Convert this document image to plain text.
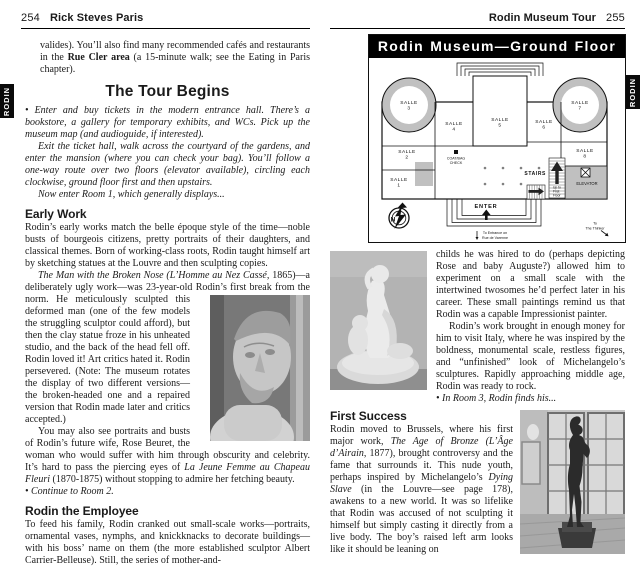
254 Rick Steves Paris

valides). You’ll also find many recommended cafés and restaurants in the Rue Cler area (a 15-minute walk; see the Eating in Paris chapter).

The Tour Begins

• Enter and buy tickets in the modern entrance hall. There’s a bookstore, a gallery for temporary exhibits, and WCs. Pick up the museum map (and audioguide, if interested).

Exit the ticket hall, walk across the courtyard of the gardens, and enter the mansion (where you can check your bag). You’ll follow a one-way route over two floors (elevator available), circling each clockwise, ground floor first and then upstairs.

Now enter Room 1, which generally displays...

Early Work

Rodin’s early works match the belle époque style of the time—noble busts of bourgeois citizens, pretty portraits of their daughters, and classical themes. Born of working-class roots, Rodin taught himself art by sketching statues at the Louvre and then sculpting copies.

The Man with the Broken Nose (L’Homme au Nez Cassé, 1865)—a deliberately ugly work—was 23-year-old Rodin’s first break from
the norm. He meticulously sculpted this deformed man (one of the few models the struggling sculptor could afford), but then the clay statue froze in his unheated studio, and the back of the head fell off. Rodin loved it! Art critics hated it. Rodin persevered. (Note: The museum rotates the display of two different versions—the broken-headed one and a repaired version that Rodin made later and critics accepted.)

You may also see portraits and busts of Rodin’s future wife, Rose Beuret, the woman who would suffer with him through obscurity and celebrity. It’s hard to pass the piercing eyes of La Jeune Femme au Chapeau Fleuri (1870-1875) without stopping to admire her fetching beauty.

• Continue to Room 2.

Rodin the Employee

To feed his family, Rodin cranked out small-scale works—portraits, ornamental vases, nymphs, and knickknacks to decorate buildings—with his boss’ name on them (the more established sculptor Albert Carrier-Belleuse). Still, the series of mother-and-

Rodin Museum Tour 255
Rodin Museum—Ground Floor
COAT/BAG
CHECK
SALLE
3
SALLE
4
SALLE
5
SALLE
6
SALLE
7
SALLE
2
SALLE
1
SALLE
8
STAIRS
Up to
First
Floor
ELEVATOR
ENTER
N
To Entrance on
Rue de Varenne
To
The Thinker

childs he was hired to do (perhaps depicting Rose and baby Auguste?) allowed him to experiment on a small scale with the intertwined twosomes he’d perfect later in his career. These small paintings remind us that Rodin was a capable Impressionist painter.

Rodin’s work brought in enough money for him to visit Italy, where he was inspired by the boldness, monumental scale, restless figures, and “unfinished” look of Michelangelo’s sculptures. Rapidly approaching middle age, Rodin was ready to rock.

• In Room 3, Rodin finds his...

First Success

Rodin moved to Brussels, where his first major work, The Age of Bronze (L’Âge d’Airain, 1877), brought controversy and the fame that surrounds it. This nude youth, perhaps inspired by Michelangelo’s Dying Slave (in the Louvre—see page 178), awakens to a new world. It was so lifelike that Rodin was accused of not sculpting it himself but simply casting it directly from a live body. The boy’s raised left arm looks like it should be leaning on

RODIN	RODIN
